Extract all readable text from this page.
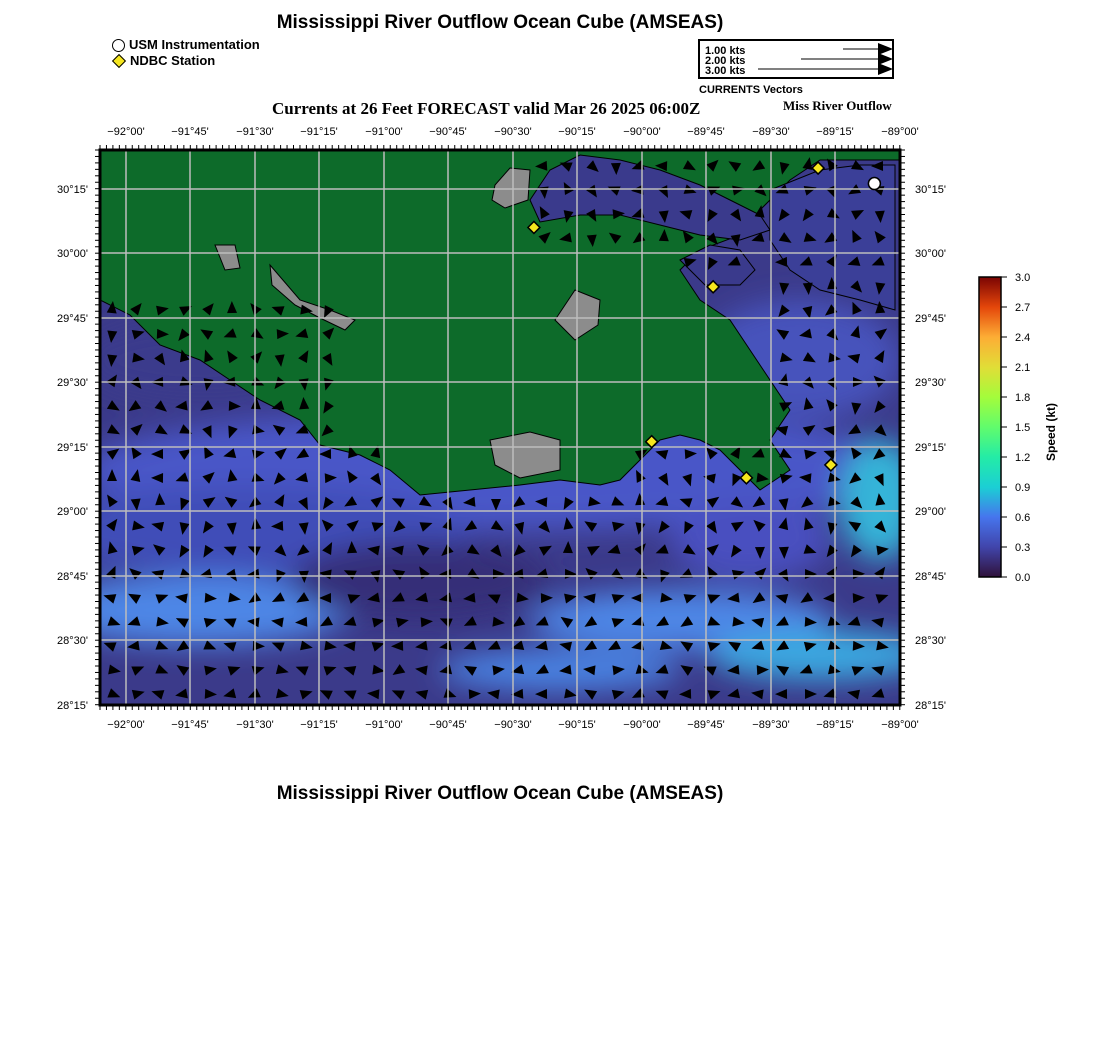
Mississippi River Outflow Ocean Cube (AMSEAS)
USM Instrumentation
NDBC Station
1.00 kts
2.00 kts
3.00 kts
CURRENTS Vectors
Currents at 26 Feet FORECAST valid Mar 26 2025 06:00Z	Miss River Outflow
−92°00' −91°45'	−91°30' −91°15'	−91°00' −90°45'	−90°30' −90°15'	−90°00' −89°45'	−89°30' −89°15'	−89°00'
−92°00' −91°45'	−91°30' −91°15'	−91°00' −90°45'	−90°30' −90°15'	−90°00' −89°45'	−89°30' −89°15'	−89°00'
30°15'
30°00'
29°45'
29°30'
29°15'
29°00'
28°45'
28°30'
28°15'
30°15'
30°00'
29°45'
29°30'
29°15'
29°00'
28°45'
28°30'
28°15'
3.0
2.7
2.4
2.1
1.8
1.5
1.2
0.9
0.6
0.3
0.0
Speed (kt)
Mississippi River Outflow Ocean Cube (AMSEAS)
